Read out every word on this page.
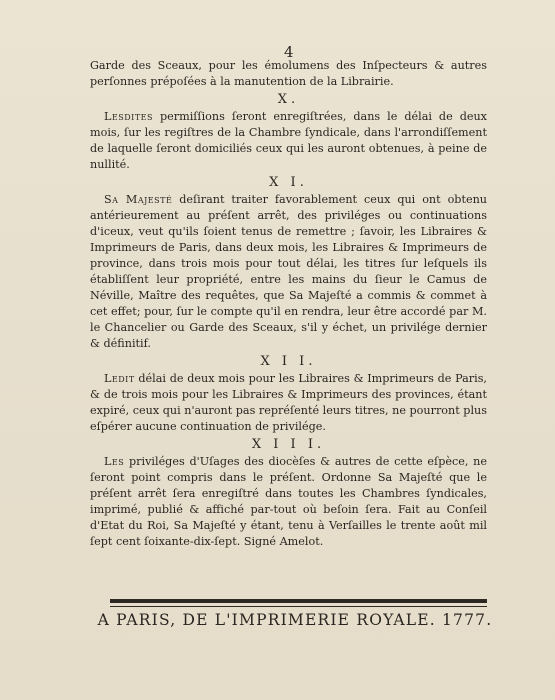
4

Garde des Sceaux, pour les émolumens des Inſpecteurs & autres perſonnes prépoſées à la manutention de la Librairie.

X.

Lesdites permiſſions ſeront enregiſtrées, dans le délai de deux mois, ſur les regiſtres de la Chambre ſyndicale, dans l'arrondiſſement de laquelle ſeront domiciliés ceux qui les auront obtenues, à peine de nullité.

X I.

Sa Majesté deſirant traiter favorablement ceux qui ont obtenu antérieurement au préſent arrêt, des priviléges ou continuations d'iceux, veut qu'ils ſoient tenus de remettre ; ſavoir, les Libraires & Imprimeurs de Paris, dans deux mois, les Libraires & Imprimeurs de province, dans trois mois pour tout délai, les titres ſur leſquels ils établiſſent leur propriété, entre les mains du ſieur le Camus de Néville, Maître des requêtes, que Sa Majeſté a commis & commet à cet effet; pour, ſur le compte qu'il en rendra, leur être accordé par M. le Chancelier ou Garde des Sceaux, s'il y échet, un privilége dernier & définitif.

X I I.

Ledit délai de deux mois pour les Libraires & Imprimeurs de Paris, & de trois mois pour les Libraires & Imprimeurs des provinces, étant expiré, ceux qui n'auront pas repréſenté leurs titres, ne pourront plus eſpérer aucune continuation de privilége.

X I I I.

Les priviléges d'Uſages des diocèſes & autres de cette eſpèce, ne ſeront point compris dans le préſent. Ordonne Sa Majeſté que le préſent arrêt ſera enregiſtré dans toutes les Chambres ſyndicales, imprimé, publié & affiché par-tout où beſoin ſera. Fait au Conſeil d'Etat du Roi, Sa Majeſté y étant, tenu à Verſailles le trente août mil ſept cent ſoixante-dix-ſept. Signé Amelot.

A PARIS, DE L'IMPRIMERIE ROYALE. 1777.
